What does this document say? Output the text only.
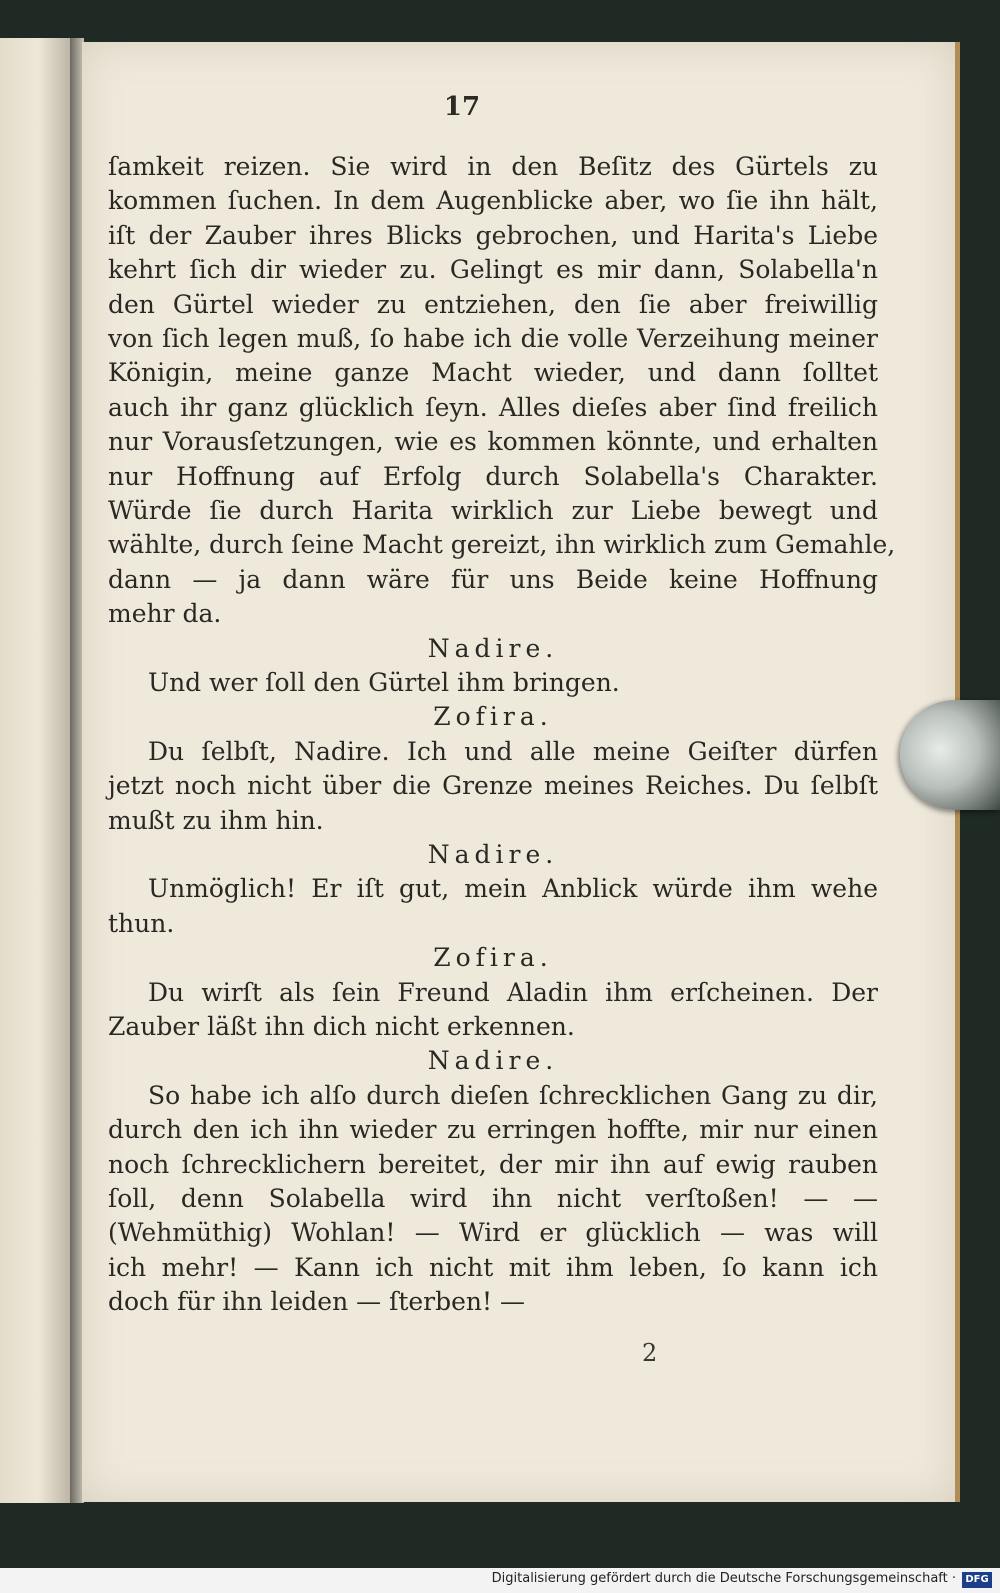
17
ſamkeit reizen. Sie wird in den Beſitz des Gürtels zu
kommen ſuchen. In dem Augenblicke aber, wo ſie ihn hält,
iſt der Zauber ihres Blicks gebrochen, und Harita's Liebe
kehrt ſich dir wieder zu. Gelingt es mir dann, Solabella'n
den Gürtel wieder zu entziehen, den ſie aber freiwillig
von ſich legen muß, ſo habe ich die volle Verzeihung meiner
Königin, meine ganze Macht wieder, und dann ſolltet
auch ihr ganz glücklich ſeyn. Alles dieſes aber ſind freilich
nur Vorausſetzungen, wie es kommen könnte, und erhalten
nur Hoffnung auf Erfolg durch Solabella's Charakter.
Würde ſie durch Harita wirklich zur Liebe bewegt und
wählte, durch ſeine Macht gereizt, ihn wirklich zum Gemahle,
dann — ja dann wäre für uns Beide keine Hoffnung
mehr da.
Nadire.
Und wer ſoll den Gürtel ihm bringen.
Zofira.
Du ſelbſt, Nadire. Ich und alle meine Geiſter dürfen
jetzt noch nicht über die Grenze meines Reiches. Du ſelbſt
mußt zu ihm hin.
Nadire.
Unmöglich! Er iſt gut, mein Anblick würde ihm wehe
thun.
Zofira.
Du wirſt als ſein Freund Aladin ihm erſcheinen. Der
Zauber läßt ihn dich nicht erkennen.
Nadire.
So habe ich alſo durch dieſen ſchrecklichen Gang zu dir,
durch den ich ihn wieder zu erringen hoffte, mir nur einen
noch ſchrecklichern bereitet, der mir ihn auf ewig rauben
ſoll, denn Solabella wird ihn nicht verſtoßen! — —
(Wehmüthig) Wohlan! — Wird er glücklich — was will
ich mehr! — Kann ich nicht mit ihm leben, ſo kann ich
doch für ihn leiden — ſterben! —
2
Digitalisierung gefördert durch die Deutsche Forschungsgemeinschaft · DFG
